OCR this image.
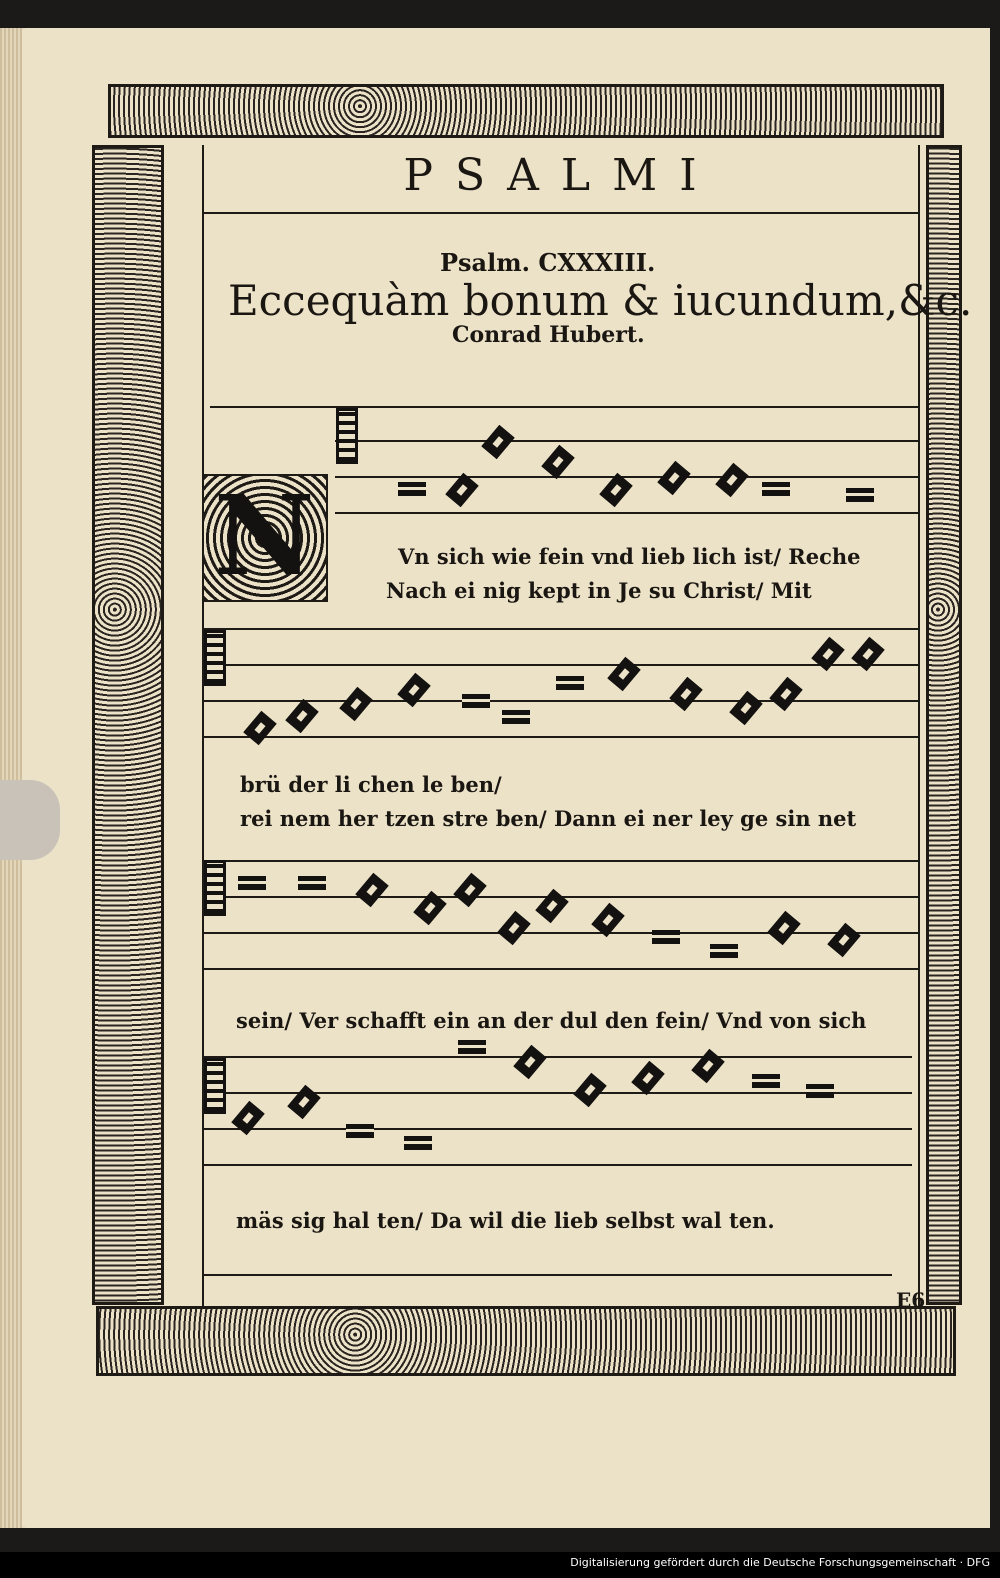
PSALMI
Psalm. CXXXIII.
Eccequàm bonum & iucundum,&c.
Conrad Hubert.
N	Vn sich wie fein vnd lieb lich ist/ Reche
Nach ei nig kept in Je su Christ/ Mit
brü der li chen le ben/
rei nem her tzen stre ben/ Dann ei ner ley ge sin net
sein/ Ver schafft ein an der dul den fein/ Vnd von sich
mäs sig hal ten/ Da wil die lieb selbst wal ten.
E6
Digitalisierung gefördert durch die Deutsche Forschungsgemeinschaft · DFG
